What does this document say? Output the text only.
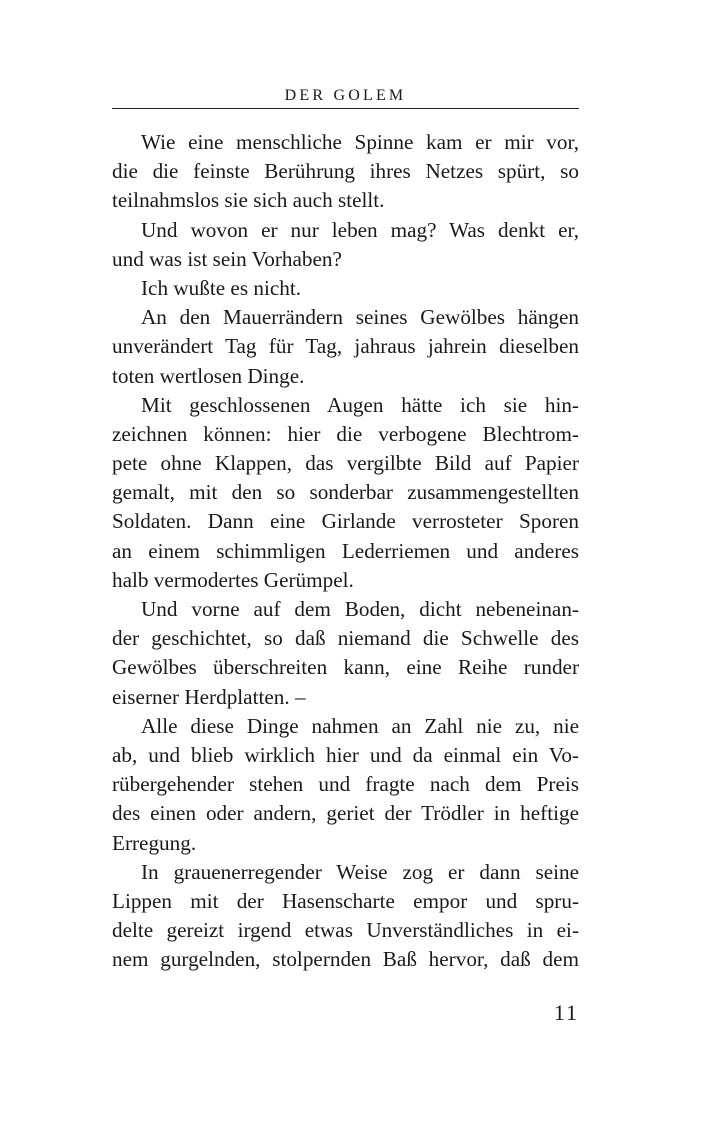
DER GOLEM
Wie eine menschliche Spinne kam er mir vor,
die die feinste Berührung ihres Netzes spürt, so
teilnahmslos sie sich auch stellt.
Und wovon er nur leben mag? Was denkt er,
und was ist sein Vorhaben?
Ich wußte es nicht.
An den Mauerrändern seines Gewölbes hängen
unverändert Tag für Tag, jahraus jahrein dieselben
toten wertlosen Dinge.
Mit geschlossenen Augen hätte ich sie hin-
zeichnen können: hier die verbogene Blechtrom-
pete ohne Klappen, das vergilbte Bild auf Papier
gemalt, mit den so sonderbar zusammengestellten
Soldaten. Dann eine Girlande verrosteter Sporen
an einem schimmligen Lederriemen und anderes
halb vermodertes Gerümpel.
Und vorne auf dem Boden, dicht nebeneinan-
der geschichtet, so daß niemand die Schwelle des
Gewölbes überschreiten kann, eine Reihe runder
eiserner Herdplatten. –
Alle diese Dinge nahmen an Zahl nie zu, nie
ab, und blieb wirklich hier und da einmal ein Vo-
rübergehender stehen und fragte nach dem Preis
des einen oder andern, geriet der Trödler in heftige
Erregung.
In grauenerregender Weise zog er dann seine
Lippen mit der Hasenscharte empor und spru-
delte gereizt irgend etwas Unverständliches in ei-
nem gurgelnden, stolpernden Baß hervor, daß dem
11
